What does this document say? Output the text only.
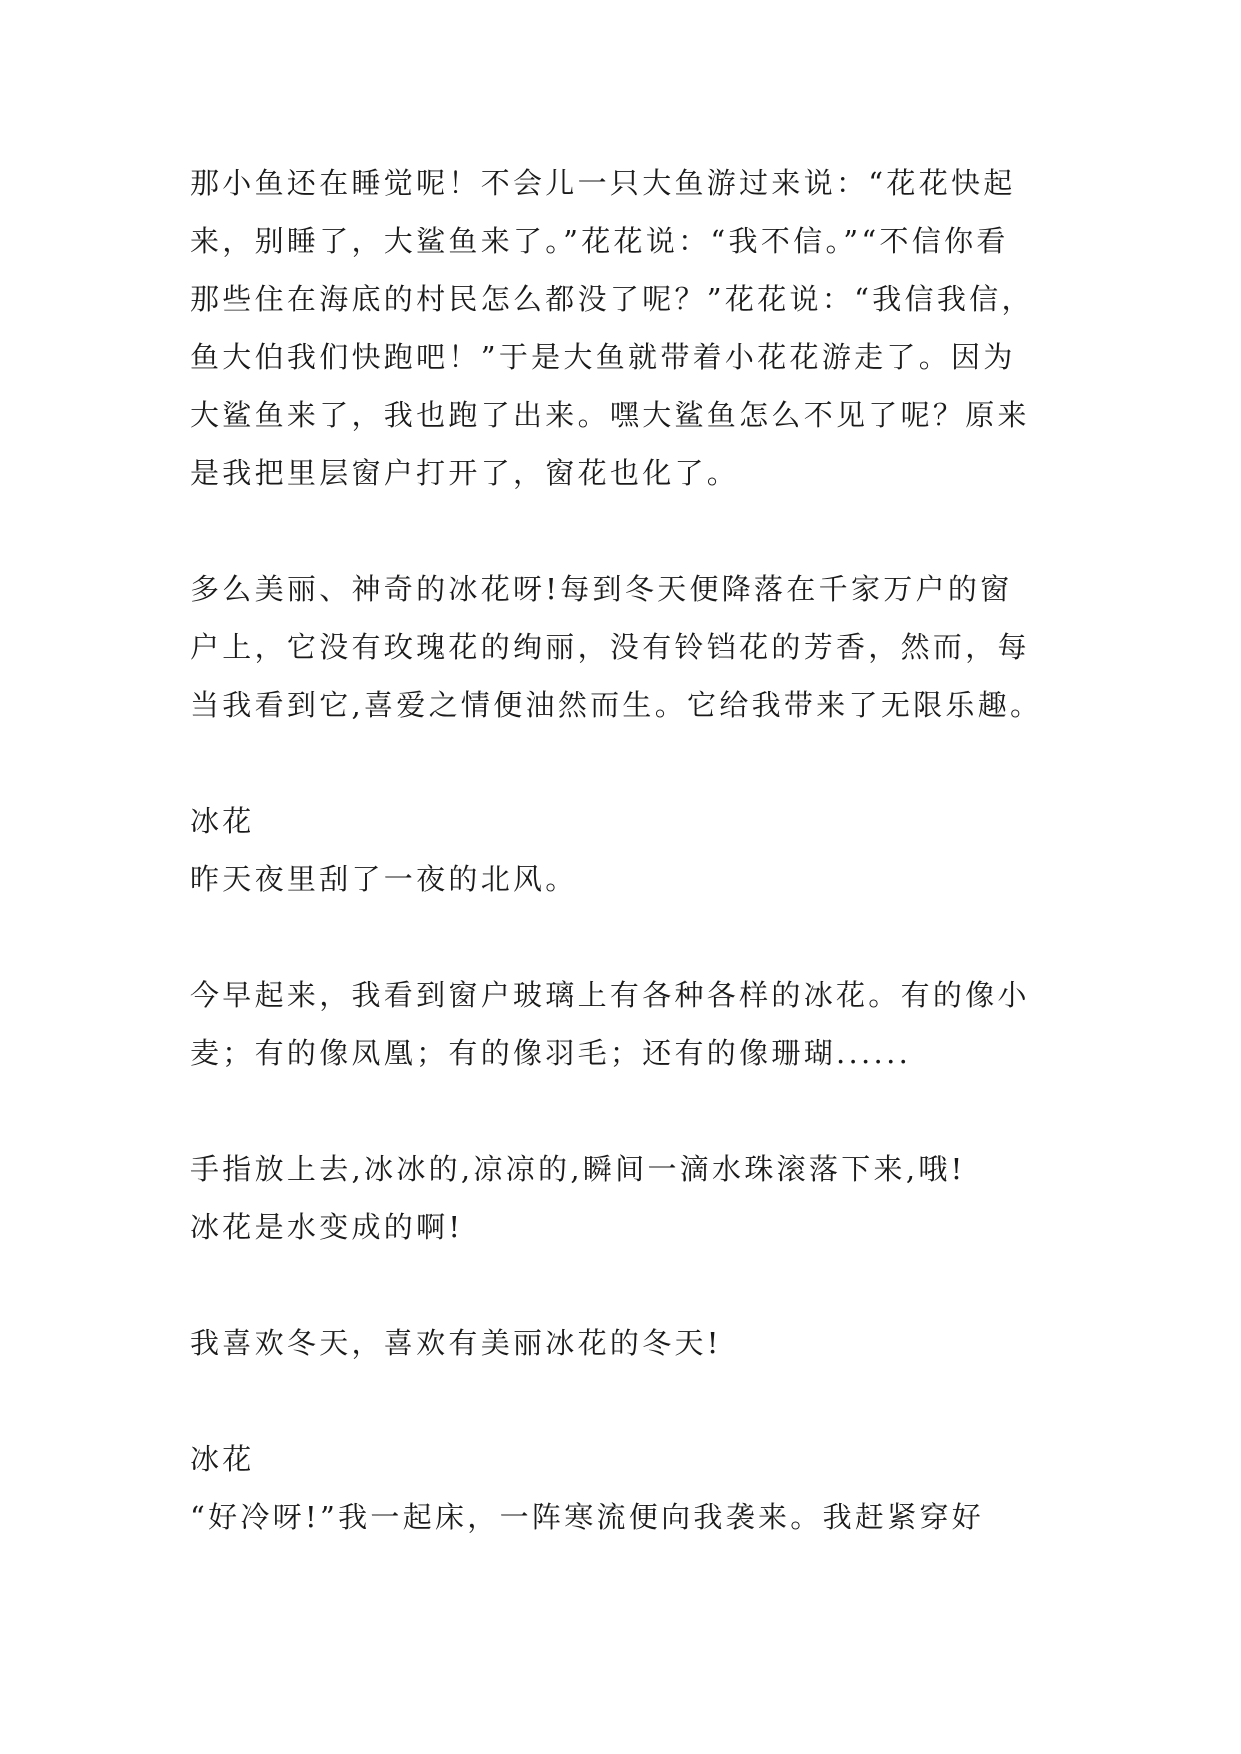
那小鱼还在睡觉呢！不会儿一只大鱼游过来说：“花花快起
来，别睡了，大鲨鱼来了。”花花说：“我不信。”“不信你看
那些住在海底的村民怎么都没了呢？”花花说：“我信我信，
鱼大伯我们快跑吧！”于是大鱼就带着小花花游走了。因为
大鲨鱼来了，我也跑了出来。嘿大鲨鱼怎么不见了呢？原来
是我把里层窗户打开了，窗花也化了。
多么美丽、神奇的冰花呀!每到冬天便降落在千家万户的窗
户上，它没有玫瑰花的绚丽，没有铃铛花的芳香，然而，每
当我看到它,喜爱之情便油然而生。它给我带来了无限乐趣。
冰花
昨天夜里刮了一夜的北风。
今早起来，我看到窗户玻璃上有各种各样的冰花。有的像小
麦；有的像凤凰；有的像羽毛；还有的像珊瑚......
手指放上去,冰冰的,凉凉的,瞬间一滴水珠滚落下来,哦!
冰花是水变成的啊!
我喜欢冬天，喜欢有美丽冰花的冬天!
冰花
“好冷呀!”我一起床，一阵寒流便向我袭来。我赶紧穿好
